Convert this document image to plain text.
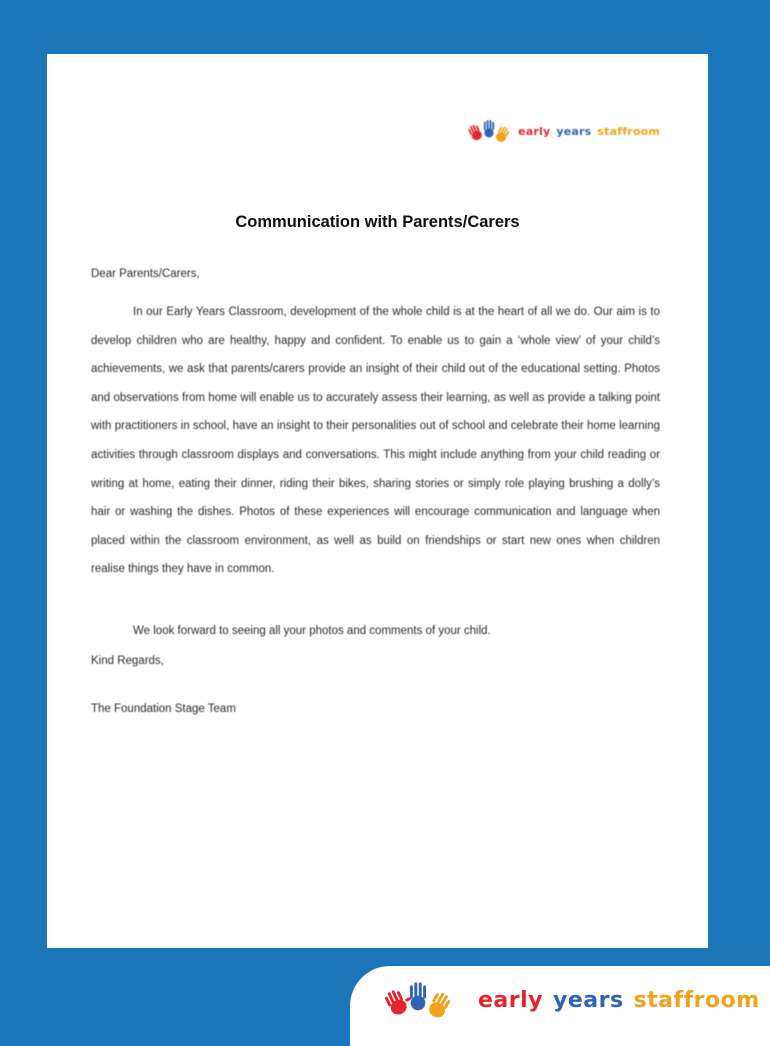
early years staffroom
Communication with Parents/Carers

Dear Parents/Carers,

In our Early Years Classroom, development of the whole child is at the heart of all we do. Our aim is to develop children who are healthy, happy and confident. To enable us to gain a ‘whole view’ of your child’s achievements, we ask that parents/carers provide an insight of their child out of the educational setting. Photos and observations from home will enable us to accurately assess their learning, as well as provide a talking point with practitioners in school, have an insight to their personalities out of school and celebrate their home learning activities through classroom displays and conversations. This might include anything from your child reading or writing at home, eating their dinner, riding their bikes, sharing stories or simply role playing brushing a dolly’s hair or washing the dishes. Photos of these experiences will encourage communication and language when placed within the classroom environment, as well as build on friendships or start new ones when children realise things they have in common.

We look forward to seeing all your photos and comments of your child.

Kind Regards,

The Foundation Stage Team

early years staffroom
